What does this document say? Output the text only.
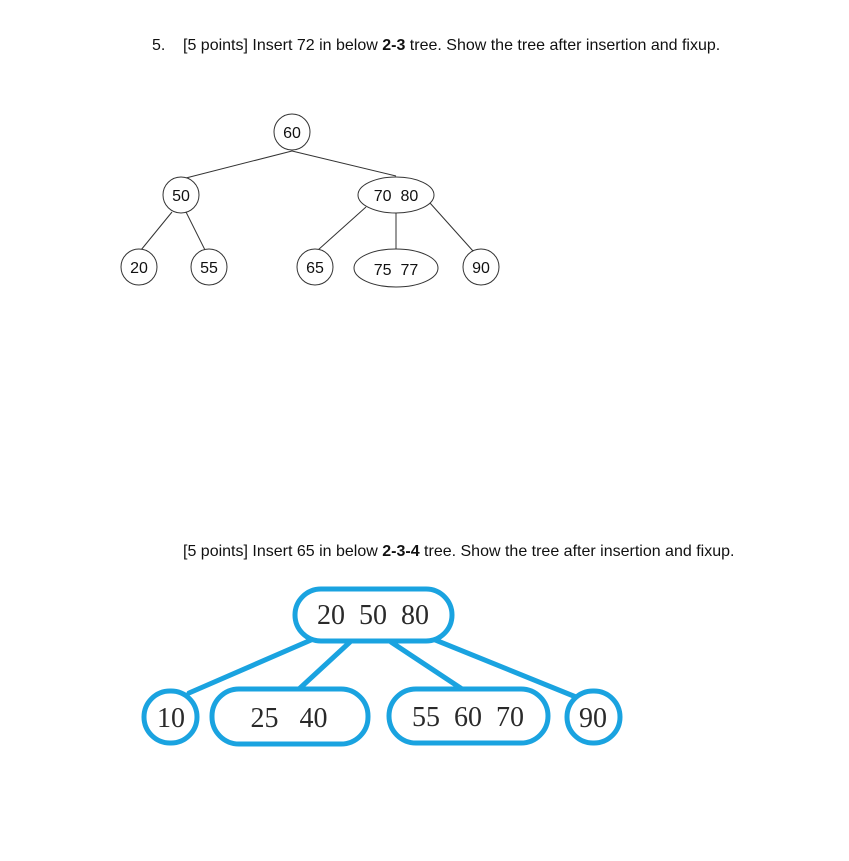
5. [5 points] Insert 72 in below 2-3 tree. Show the tree after insertion and fixup.
60
50	70  80
20	55	65	75  77	90
20  50  80
10 25   40	55  60  70 90
[5 points] Insert 65 in below 2-3-4 tree. Show the tree after insertion and fixup.
